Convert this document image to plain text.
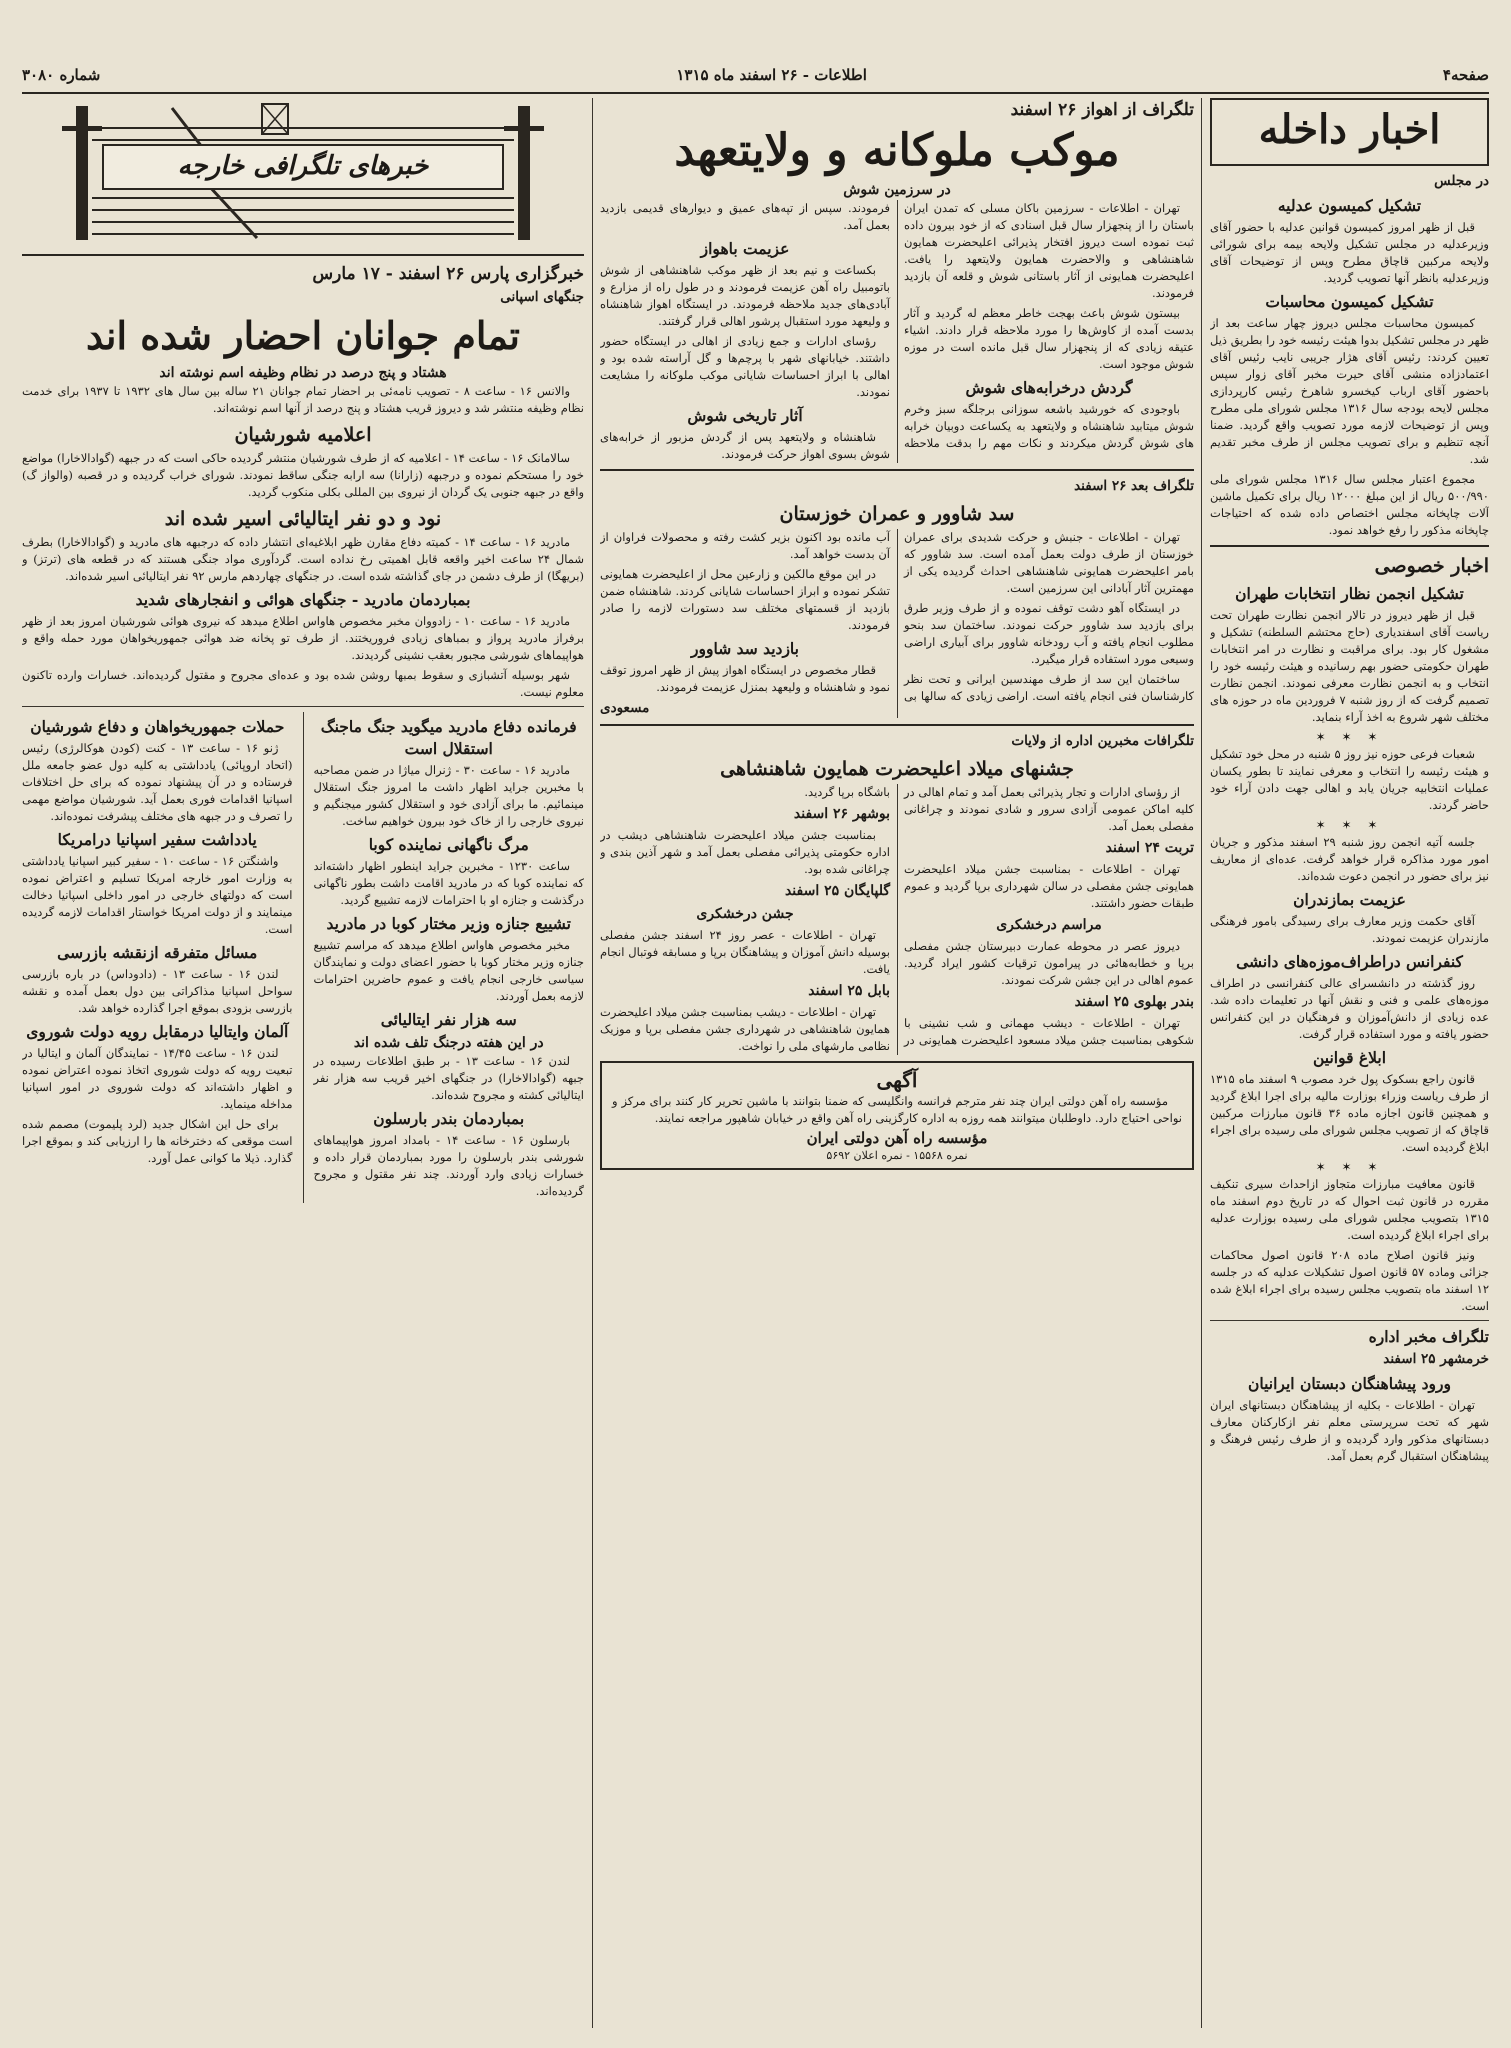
صفحه۴
اطلاعات - ۲۶ اسفند ماه ۱۳۱۵
شماره ۳۰۸۰
اخبار داخله
در مجلس
تشکیل کمیسون عدلیه

قبل از ظهر امروز کمیسون قوانین عدلیه با حضور آقای وزیرعدلیه در مجلس تشکیل ولایحه بیمه برای شورائی ولایحه مرکبین قاچاق مطرح وپس از توضیحات آقای وزیرعدلیه بانظر آنها تصویب گردید.

تشکیل کمیسون محاسبات

کمیسون محاسبات مجلس دیروز چهار ساعت بعد از ظهر در مجلس تشکیل بدوا هیئت رئیسه خود را بطریق ذیل تعیین کردند: رئیس آقای هژار جریبی نایب رئیس آقای اعتمادزاده منشی آقای حیرت مخبر آقای زوار سپس باحضور آقای ارباب کیخسرو شاهرخ رئیس کارپردازی مجلس لایحه بودجه سال ۱۳۱۶ مجلس شورای ملی مطرح وپس از توضیحات لازمه مورد تصویب واقع گردید. ضمنا آنچه تنظیم و برای تصویب مجلس از طرف مخبر تقدیم شد.

مجموع اعتبار مجلس سال ۱۳۱۶ مجلس شورای ملی ۵۰۰/۹۹۰ ریال از این مبلغ ۱۲۰۰۰ ریال برای تکمیل ماشین آلات چاپخانه مجلس اختصاص داده شده که احتیاجات چاپخانه مذکور را رفع خواهد نمود.

اخبار خصوصی
تشکیل انجمن نظار انتخابات طهران

قبل از ظهر دیروز در تالار انجمن نظارت طهران تحت ریاست آقای اسفندیاری (حاج محتشم السلطنه) تشکیل و مشغول کار بود. برای مراقبت و نظارت در امر انتخابات طهران حکومتی حضور بهم رسانیده و هیئت رئیسه خود را انتخاب و به انجمن نظارت معرفی نمودند. انجمن نظارت تصمیم گرفت که از روز شنبه ۷ فروردین ماه در حوزه های مختلف شهر شروع به اخذ آراء بنماید.

✶ ✶ ✶

شعبات فرعی حوزه نیز روز ۵ شنبه در محل خود تشکیل و هیئت رئیسه را انتخاب و معرفی نمایند تا بطور یکسان عملیات انتخابیه جریان یابد و اهالی جهت دادن آراء خود حاضر گردند.

✶ ✶ ✶

جلسه آتیه انجمن روز شنبه ۲۹ اسفند مذکور و جریان امور مورد مذاکره قرار خواهد گرفت. عده‌ای از معاریف نیز برای حضور در انجمن دعوت شده‌اند.

عزیمت بمازندران

آقای حکمت وزیر معارف برای رسیدگی بامور فرهنگی مازندران عزیمت نمودند.

کنفرانس دراطراف‌موزه‌های دانشی

روز گذشته در دانشسرای عالی کنفرانسی در اطراف موزه‌های علمی و فنی و نقش آنها در تعلیمات داده شد. عده زیادی از دانش‌آموزان و فرهنگیان در این کنفرانس حضور یافته و مورد استفاده قرار گرفت.

ابلاغ قوانین

قانون راجع بسکوک پول خرد مصوب ۹ اسفند ماه ۱۳۱۵ از طرف ریاست وزراء بوزارت مالیه برای اجرا ابلاغ گردید و همچنین قانون اجازه ماده ۳۶ قانون مبارزات مرکبین قاچاق که از تصویب مجلس شورای ملی رسیده برای اجراء ابلاغ گردیده است.

✶ ✶ ✶

قانون معافیت مبارزات متجاوز ازاحداث سیری تنکیف مقرره در قانون ثبت احوال که در تاریخ دوم اسفند ماه ۱۳۱۵ بتصویب مجلس شورای ملی رسیده بوزارت عدلیه برای اجراء ابلاغ گردیده است.

ونیز قانون اصلاح ماده ۲۰۸ قانون اصول محاکمات جزائی وماده ۵۷ قانون اصول تشکیلات عدلیه که در جلسه ۱۲ اسفند ماه بتصویب مجلس رسیده برای اجراء ابلاغ شده است.

تلگراف مخبر اداره
خرمشهر ۲۵ اسفند
ورود پیشاهنگان دبستان ایرانیان

تهران - اطلاعات - بکلیه از پیشاهنگان دبستانهای ایران شهر که تحت سرپرستی معلم نفر ازکارکنان معارف دبستانهای مذکور وارد گردیده و از طرف رئیس فرهنگ و پیشاهنگان استقبال گرم بعمل آمد.

تلگراف از اهواز ۲۶ اسفند
موکب ملوکانه و ولایتعهد
در سرزمین شوش

تهران - اطلاعات - سرزمین باکان مسلی که تمدن ایران باستان را از پنجهزار سال قبل اسنادی که از خود بیرون داده ثبت نموده است دیروز افتخار پذیرائی اعلیحضرت همایون شاهنشاهی و والاحضرت همایون ولایتعهد را یافت. اعلیحضرت همایونی از آثار باستانی شوش و قلعه آن بازدید فرمودند.

بیستون شوش باعث بهجت خاطر معظم له گردید و آثار بدست آمده از کاوش‌ها را مورد ملاحظه قرار دادند. اشیاء عتیقه زیادی که از پنجهزار سال قبل مانده است در موزه شوش موجود است.

گردش درخرابه‌های شوش

باوجودی که خورشید باشعه سوزانی برجلگه سبز وخرم شوش میتابید شاهنشاه و ولایتعهد به یکساعت دوبیان خرابه های شوش گردش میکردند و نکات مهم را بدقت ملاحظه فرمودند. سپس از تپه‌های عمیق و دیوارهای قدیمی بازدید بعمل آمد.

عزیمت باهواز

بکساعت و نیم بعد از ظهر موکب شاهنشاهی از شوش باتومبیل راه آهن عزیمت فرمودند و در طول راه از مزارع و آبادی‌های جدید ملاحظه فرمودند. در ایستگاه اهواز شاهنشاه و ولیعهد مورد استقبال پرشور اهالی قرار گرفتند.

رؤسای ادارات و جمع زیادی از اهالی در ایستگاه حضور داشتند. خیابانهای شهر با پرچم‌ها و گل آراسته شده بود و اهالی با ابراز احساسات شایانی موکب ملوکانه را مشایعت نمودند.

آثار تاریخی شوش

شاهنشاه و ولایتعهد پس از گردش مزبور از خرابه‌های شوش بسوی اهواز حرکت فرمودند.

تلگراف بعد ۲۶ اسفند
سد شاوور و عمران خوزستان

تهران - اطلاعات - جنبش و حرکت شدیدی برای عمران خوزستان از طرف دولت بعمل آمده است. سد شاوور که بامر اعلیحضرت همایونی شاهنشاهی احداث گردیده یکی از مهمترین آثار آبادانی این سرزمین است.

در ایستگاه آهو دشت توقف نموده و از طرف وزیر طرق برای بازدید سد شاوور حرکت نمودند. ساختمان سد بنحو مطلوب انجام یافته و آب رودخانه شاوور برای آبیاری اراضی وسیعی مورد استفاده قرار میگیرد.

ساختمان این سد از طرف مهندسین ایرانی و تحت نظر کارشناسان فنی انجام یافته است. اراضی زیادی که سالها بی آب مانده بود اکنون بزیر کشت رفته و محصولات فراوان از آن بدست خواهد آمد.

در این موقع مالکین و زارعین محل از اعلیحضرت همایونی تشکر نموده و ابراز احساسات شایانی کردند. شاهنشاه ضمن بازدید از قسمتهای مختلف سد دستورات لازمه را صادر فرمودند.

بازدید سد شاوور

قطار مخصوص در ایستگاه اهواز پیش از ظهر امروز توقف نمود و شاهنشاه و ولیعهد بمنزل عزیمت فرمودند.

مسعودی
تلگرافات مخبرین اداره از ولایات
جشنهای میلاد اعلیحضرت همایون شاهنشاهی

از رؤسای ادارات و تجار پذیرائی بعمل آمد و تمام اهالی در کلیه اماکن عمومی آزادی سرور و شادی نمودند و چراغانی مفصلی بعمل آمد.

تربت ۲۴ اسفند

تهران - اطلاعات - بمناسبت جشن میلاد اعلیحضرت همایونی جشن مفصلی در سالن شهرداری برپا گردید و عموم طبقات حضور داشتند.

مراسم درخشکری

دیروز عصر در محوطه عمارت دبیرستان جشن مفصلی برپا و خطابه‌هائی در پیرامون ترقیات کشور ایراد گردید. عموم اهالی در این جشن شرکت نمودند.

بندر بهلوی ۲۵ اسفند

تهران - اطلاعات - دیشب مهمانی و شب نشینی با شکوهی بمناسبت جشن میلاد مسعود اعلیحضرت همایونی در باشگاه برپا گردید.

بوشهر ۲۶ اسفند

بمناسبت جشن میلاد اعلیحضرت شاهنشاهی دیشب در اداره حکومتی پذیرائی مفصلی بعمل آمد و شهر آذین بندی و چراغانی شده بود.

گلپایگان ۲۵ اسفند
جشن درخشکری

تهران - اطلاعات - عصر روز ۲۴ اسفند جشن مفصلی بوسیله دانش آموزان و پیشاهنگان برپا و مسابقه فوتبال انجام یافت.

بابل ۲۵ اسفند

تهران - اطلاعات - دیشب بمناسبت جشن میلاد اعلیحضرت همایون شاهنشاهی در شهرداری جشن مفصلی برپا و موزیک نظامی مارشهای ملی را نواخت.

آگهی

مؤسسه راه آهن دولتی ایران چند نفر مترجم فرانسه وانگلیسی که ضمنا بتوانند با ماشین تحریر کار کنند برای مرکز و نواحی احتیاج دارد. داوطلبان میتوانند همه روزه به اداره کارگزینی راه آهن واقع در خیابان شاهپور مراجعه نمایند.

مؤسسه راه آهن دولتی ایران
نمره ۱۵۵۶۸ - نمره اعلان ۵۶۹۲
خبرهای تلگرافی خارجه
خبرگزاری پارس ۲۶ اسفند - ۱۷ مارس
جنگهای اسپانی
تمام جوانان احضار شده اند
هشتاد و پنج درصد در نظام وظیفه اسم نوشته اند

والانس ۱۶ - ساعت ۸ - تصویب نامه‌ئی بر احضار تمام جوانان ۲۱ ساله بین سال های ۱۹۳۲ تا ۱۹۳۷ برای خدمت نظام وظیفه منتشر شد و دیروز قریب هشتاد و پنج درصد از آنها اسم نوشته‌اند.

اعلامیه شورشیان

سالامانک ۱۶ - ساعت ۱۴ - اعلامیه که از طرف شورشیان منتشر گردیده حاکی است که در جبهه (گوادالاخارا) مواضع خود را مستحکم نموده و درجبهه (زارانا) سه ارابه جنگی ساقط نمودند. شورای خراب گردیده و در قصبه (والواز گ) واقع در جبهه جنوبی یک گردان از نیروی بین المللی بکلی منکوب گردید.

نود و دو نفر ایتالیائی اسیر شده اند

مادرید ۱۶ - ساعت ۱۴ - کمیته دفاع مقارن ظهر ابلاغیه‌ای انتشار داده که درجبهه های مادرید و (گوادالاخارا) بطرف شمال ۲۴ ساعت اخیر واقعه قابل اهمیتی رخ نداده است. گردآوری مواد جنگی هستند که در قطعه های (ترتز) و (بریهگا) از طرف دشمن در جای گذاشته شده است. در جنگهای چهاردهم مارس ۹۲ نفر ایتالیائی اسیر شده‌اند.

بمباردمان مادرید - جنگهای هوائی و انفجارهای شدید

مادرید ۱۶ - ساعت ۱۰ - زادووان مخبر مخصوص هاواس اطلاع میدهد که نیروی هوائی شورشیان امروز بعد از ظهر برفراز مادرید پرواز و بمباهای زیادی فروریختند. از طرف تو پخانه ضد هوائی جمهوریخواهان مورد حمله واقع و هواپیماهای شورشی مجبور بعقب نشینی گردیدند.

شهر بوسیله آتشبازی و سقوط بمبها روشن شده بود و عده‌ای مجروح و مقتول گردیده‌اند. خسارات وارده تاکنون معلوم نیست.

فرمانده دفاع مادرید میگوید جنگ ماجنگ استقلال است

مادرید ۱۶ - ساعت ۳۰ - ژنرال میاژا در ضمن مصاحبه با مخبرین جراید اظهار داشت ما امروز جنگ استقلال مینمائیم. ما برای آزادی خود و استقلال کشور میجنگیم و نیروی خارجی را از خاک خود بیرون خواهیم ساخت.

مرگ ناگهانی نماینده کوبا

ساعت ۱۲۳۰ - مخبرین جراید اینطور اظهار داشته‌اند که نماینده کوبا که در مادرید اقامت داشت بطور ناگهانی درگذشت و جنازه او با احترامات لازمه تشییع گردید.

تشییع جنازه وزیر مختار کوبا در مادرید

مخبر مخصوص هاواس اطلاع میدهد که مراسم تشییع جنازه وزیر مختار کوبا با حضور اعضای دولت و نمایندگان سیاسی خارجی انجام یافت و عموم حاضرین احترامات لازمه بعمل آوردند.

سه هزار نفر ایتالیائی
در این هفته درجنگ تلف شده اند

لندن ۱۶ - ساعت ۱۳ - بر طبق اطلاعات رسیده در جبهه (گوادالاخارا) در جنگهای اخیر قریب سه هزار نفر ایتالیائی کشته و مجروح شده‌اند.

بمباردمان بندر بارسلون

بارسلون ۱۶ - ساعت ۱۴ - بامداد امروز هواپیماهای شورشی بندر بارسلون را مورد بمباردمان قرار داده و خسارات زیادی وارد آوردند. چند نفر مقتول و مجروح گردیده‌اند.

حملات جمهوریخواهان و دفاع شورشیان

ژنو ۱۶ - ساعت ۱۳ - کنت (کودن هوکالرژی) رئیس (اتحاد اروپائی) یادداشتی به کلیه دول عضو جامعه ملل فرستاده و در آن پیشنهاد نموده که برای حل اختلافات اسپانیا اقدامات فوری بعمل آید. شورشیان مواضع مهمی را تصرف و در جبهه های مختلف پیشرفت نموده‌اند.

یادداشت سفیر اسپانیا درامریکا

واشنگتن ۱۶ - ساعت ۱۰ - سفیر کبیر اسپانیا یادداشتی به وزارت امور خارجه امریکا تسلیم و اعتراض نموده است که دولتهای خارجی در امور داخلی اسپانیا دخالت مینمایند و از دولت امریکا خواستار اقدامات لازمه گردیده است.

مسائل متفرقه ازنقشه بازرسی

لندن ۱۶ - ساعت ۱۳ - (دادوداس) در باره بازرسی سواحل اسپانیا مذاکراتی بین دول بعمل آمده و نقشه بازرسی بزودی بموقع اجرا گذارده خواهد شد.

آلمان وایتالیا درمقابل رویه دولت شوروی

لندن ۱۶ - ساعت ۱۴/۴۵ - نمایندگان آلمان و ایتالیا در تبعیت رویه که دولت شوروی اتخاذ نموده اعتراض نموده و اظهار داشته‌اند که دولت شوروی در امور اسپانیا مداخله مینماید.

برای حل این اشکال جدید (لرد پلیموت) مصمم شده است موقعی که دخترخانه ها را ارزیابی کند و بموقع اجرا گذارد. ذیلا ما کوانی عمل آورد.
